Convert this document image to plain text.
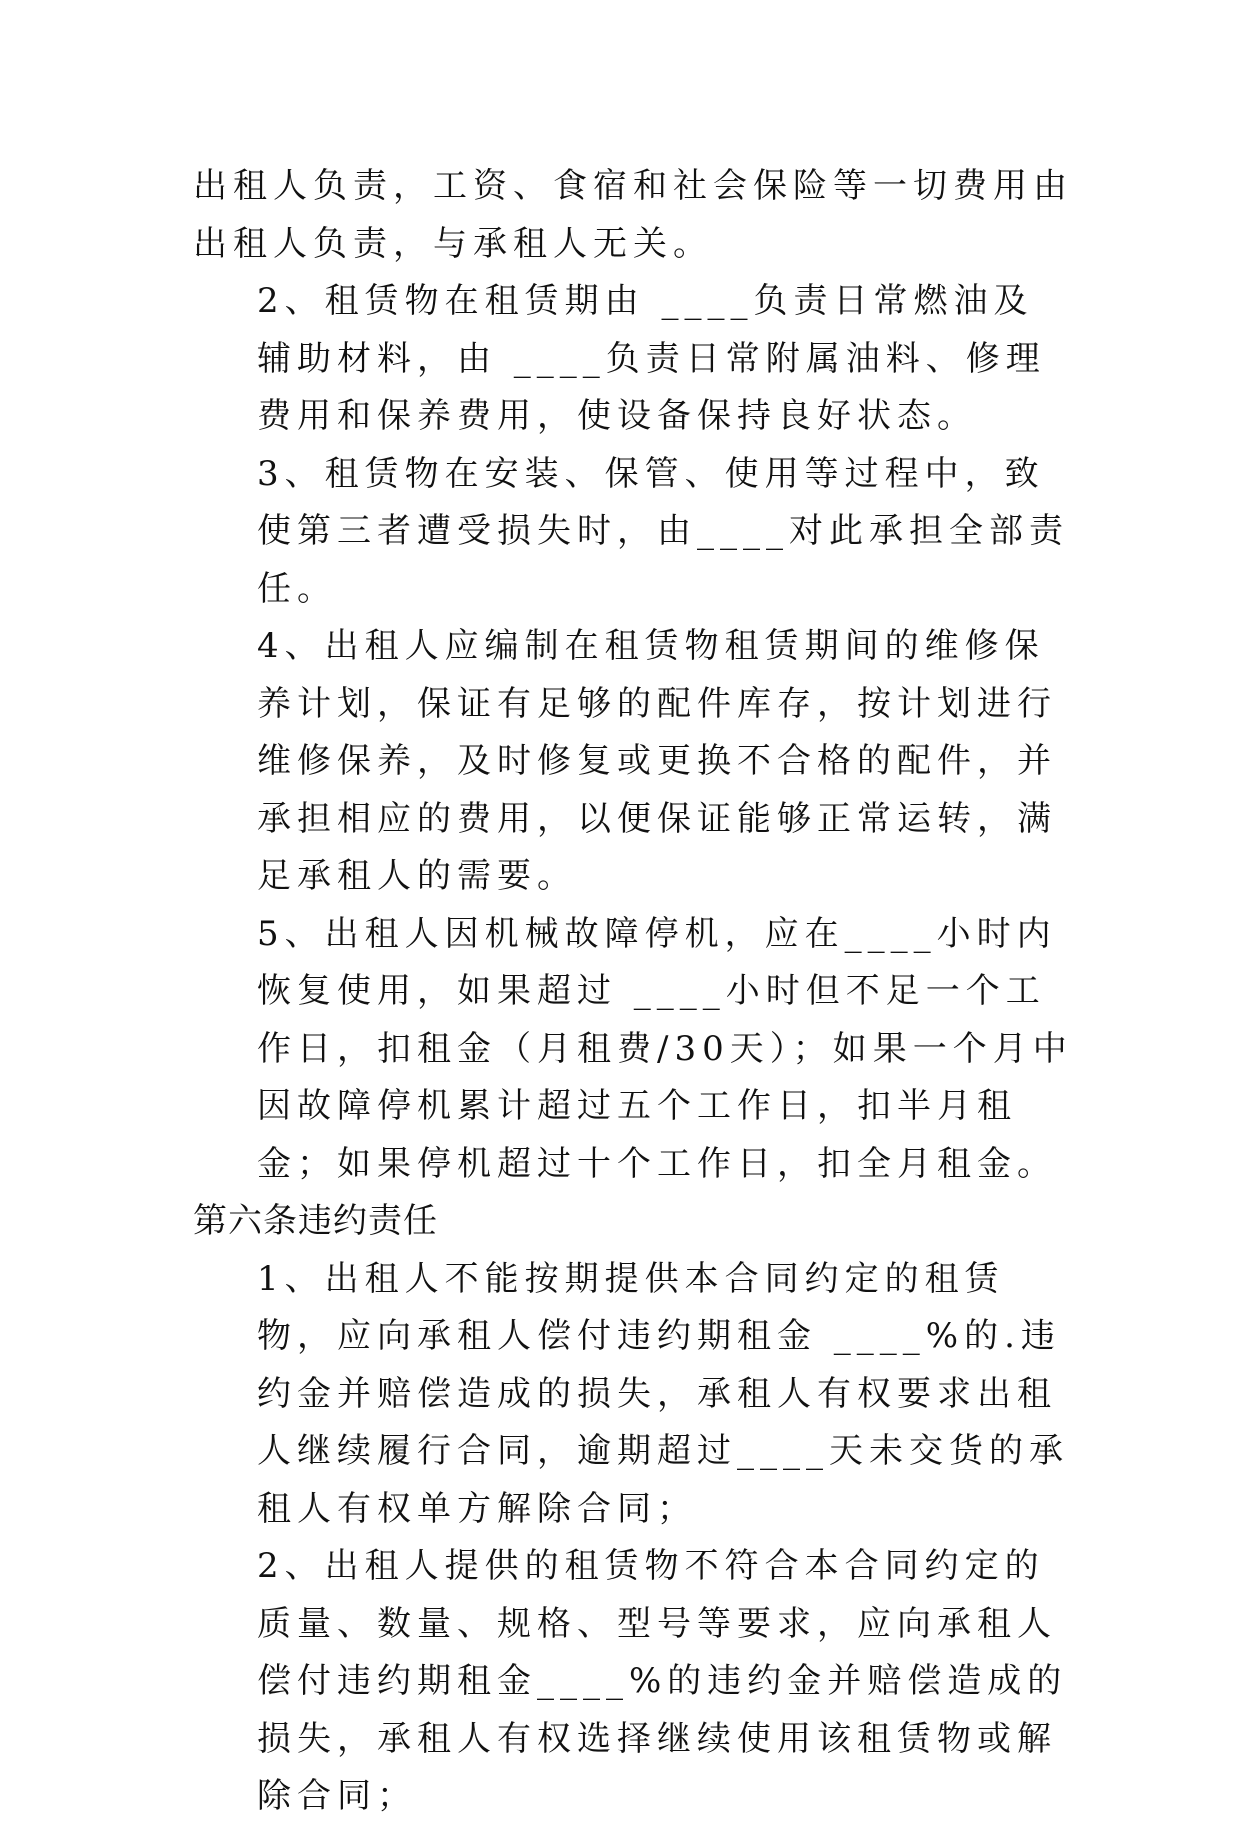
出租人负责，工资、食宿和社会保险等一切费用由出租人负责，与承租人无关。

2、租赁物在租赁期由 ____负责日常燃油及辅助材料，由 ____负责日常附属油料、修理费用和保养费用，使设备保持良好状态。

3、租赁物在安装、保管、使用等过程中，致使第三者遭受损失时，由____对此承担全部责任。

4、出租人应编制在租赁物租赁期间的维修保养计划，保证有足够的配件库存，按计划进行维修保养，及时修复或更换不合格的配件，并承担相应的费用，以便保证能够正常运转，满足承租人的需要。

5、出租人因机械故障停机，应在____小时内恢复使用，如果超过 ____小时但不足一个工作日，扣租金（月租费/30天）；如果一个月中因故障停机累计超过五个工作日，扣半月租金；如果停机超过十个工作日，扣全月租金。

第六条违约责任

1、出租人不能按期提供本合同约定的租赁物，应向承租人偿付违约期租金 ____%的.违约金并赔偿造成的损失，承租人有权要求出租人继续履行合同，逾期超过____天未交货的承租人有权单方解除合同；

2、出租人提供的租赁物不符合本合同约定的质量、数量、规格、型号等要求，应向承租人偿付违约期租金____%的违约金并赔偿造成的损失，承租人有权选择继续使用该租赁物或解除合同；
